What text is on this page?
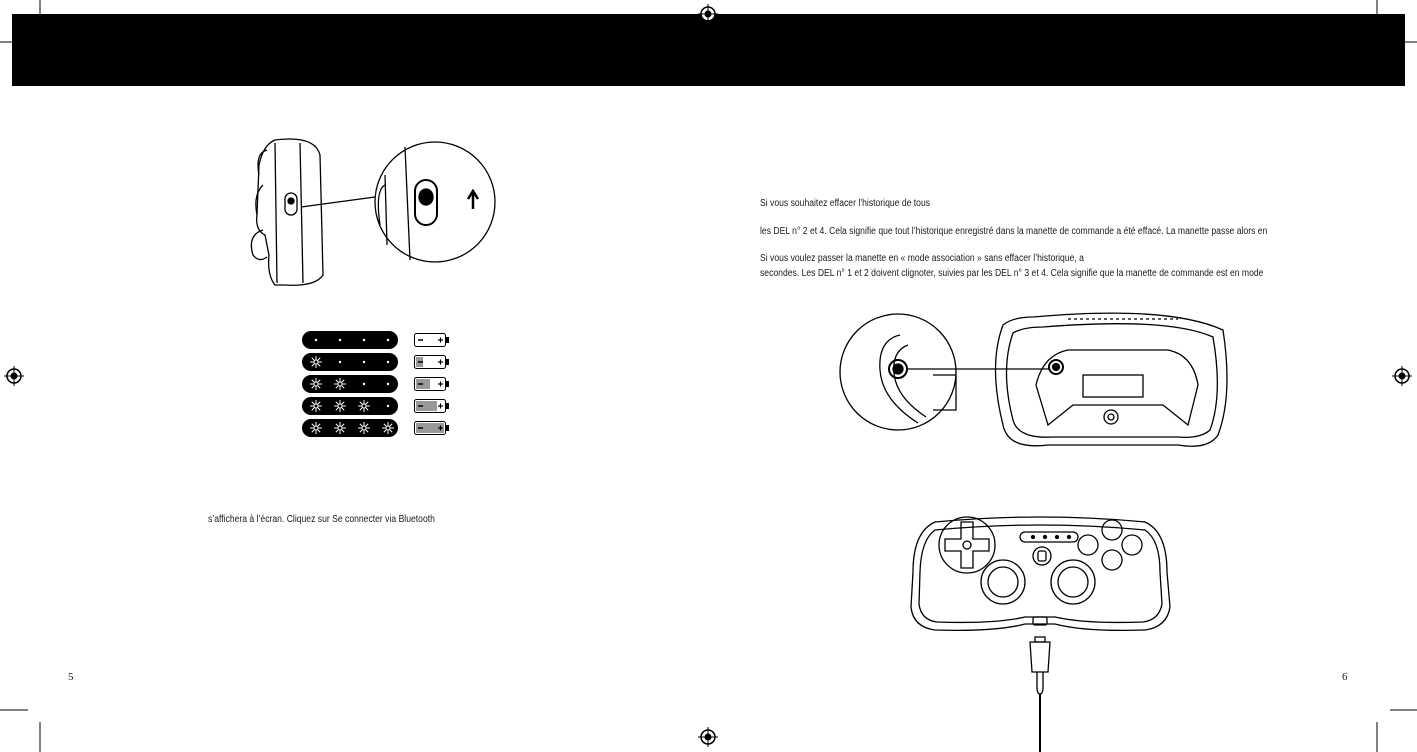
s’affichera à l’écran. Cliquez sur Se connecter via Bluetooth
5
Si vous souhaitez effacer l’historique de tous
les DEL n° 2 et 4. Cela signifie que tout l’historique enregistré dans la manette de commande a été effacé. La manette passe alors en
Si vous voulez passer la manette en « mode association » sans effacer l’historique, a
secondes. Les DEL n° 1 et 2 doivent clignoter, suivies par les DEL n° 3 et 4. Cela signifie que la manette de commande est en mode
6
